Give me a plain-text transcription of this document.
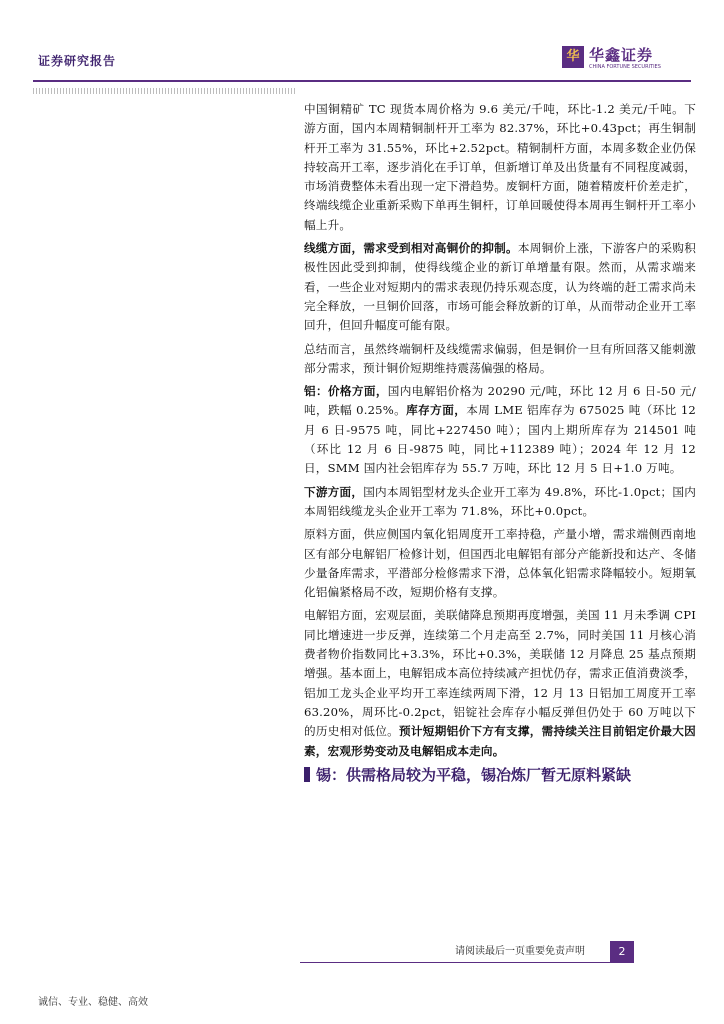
证券研究报告	华 华鑫证券
CHINA FORTUNE SECURITIES

中国铜精矿 TC 现货本周价格为 9.6 美元/千吨，环比-1.2 美元/千吨。下游方面，国内本周精铜制杆开工率为 82.37%，环比+0.43pct；再生铜制杆开工率为 31.55%，环比+2.52pct。精铜制杆方面，本周多数企业仍保持较高开工率，逐步消化在手订单，但新增订单及出货量有不同程度减弱，市场消费整体未看出现一定下滑趋势。废铜杆方面，随着精废杆价差走扩，终端线缆企业重新采购下单再生铜杆，订单回暖使得本周再生铜杆开工率小幅上升。

线缆方面，需求受到相对高铜价的抑制。本周铜价上涨，下游客户的采购积极性因此受到抑制，使得线缆企业的新订单增量有限。然而，从需求端来看，一些企业对短期内的需求表现仍持乐观态度，认为终端的赶工需求尚未完全释放，一旦铜价回落，市场可能会释放新的订单，从而带动企业开工率回升，但回升幅度可能有限。

总结而言，虽然终端铜杆及线缆需求偏弱，但是铜价一旦有所回落又能刺激部分需求，预计铜价短期维持震荡偏强的格局。

铝：价格方面，国内电解铝价格为 20290 元/吨，环比 12 月 6 日-50 元/吨，跌幅 0.25%。库存方面，本周 LME 铝库存为 675025 吨（环比 12 月 6 日-9575 吨，同比+227450 吨）；国内上期所库存为 214501 吨（环比 12 月 6 日-9875 吨，同比+112389 吨）；2024 年 12 月 12 日，SMM 国内社会铝库存为 55.7 万吨，环比 12 月 5 日+1.0 万吨。

下游方面，国内本周铝型材龙头企业开工率为 49.8%，环比-1.0pct；国内本周铝线缆龙头企业开工率为 71.8%，环比+0.0pct。

原料方面，供应侧国内氧化铝周度开工率持稳，产量小增，需求端侧西南地区有部分电解铝厂检修计划，但国西北电解铝有部分产能新投和达产、冬储少量备库需求，平潜部分检修需求下滑，总体氧化铝需求降幅较小。短期氧化铝偏紧格局不改，短期价格有支撑。

电解铝方面，宏观层面，美联储降息预期再度增强，美国 11 月未季调 CPI 同比增速进一步反弹，连续第二个月走高至 2.7%，同时美国 11 月核心消费者物价指数同比+3.3%，环比+0.3%，美联储 12 月降息 25 基点预期增强。基本面上，电解铝成本高位持续减产担忧仍存，需求正值消费淡季，铝加工龙头企业平均开工率连续两周下滑，12 月 13 日铝加工周度开工率 63.20%，周环比-0.2pct，铝锭社会库存小幅反弹但仍处于 60 万吨以下的历史相对低位。预计短期铝价下方有支撑，需持续关注目前铝定价最大因素，宏观形势变动及电解铝成本走向。

锡：供需格局较为平稳，锡冶炼厂暂无原料紧缺
请阅读最后一页重要免责声明	2
诚信、专业、稳健、高效
